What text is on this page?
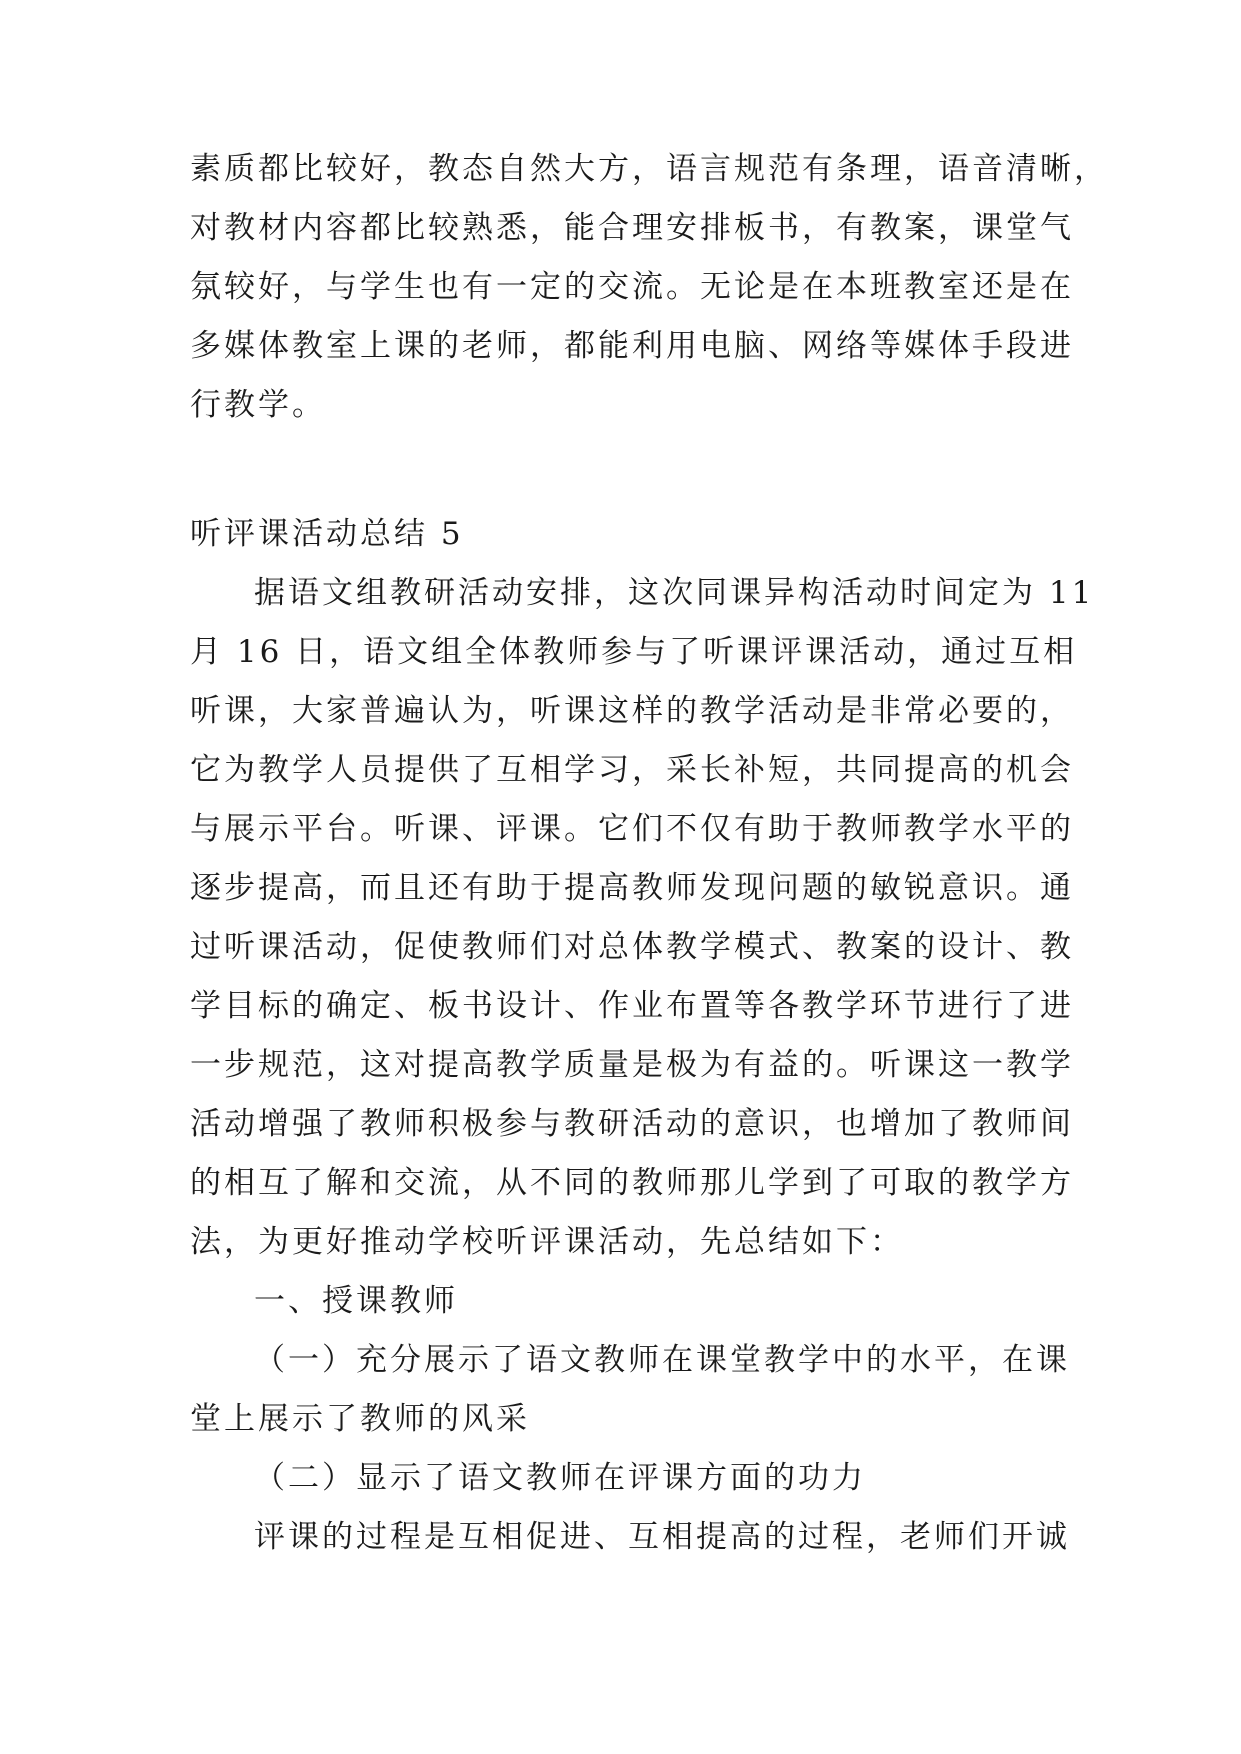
素质都比较好，教态自然大方，语言规范有条理，语音清晰，
对教材内容都比较熟悉，能合理安排板书，有教案，课堂气
氛较好，与学生也有一定的交流。无论是在本班教室还是在
多媒体教室上课的老师，都能利用电脑、网络等媒体手段进
行教学。
听评课活动总结 5
据语文组教研活动安排，这次同课异构活动时间定为 11
月 16 日，语文组全体教师参与了听课评课活动，通过互相
听课，大家普遍认为，听课这样的教学活动是非常必要的，
它为教学人员提供了互相学习，采长补短，共同提高的机会
与展示平台。听课、评课。它们不仅有助于教师教学水平的
逐步提高，而且还有助于提高教师发现问题的敏锐意识。通
过听课活动，促使教师们对总体教学模式、教案的设计、教
学目标的确定、板书设计、作业布置等各教学环节进行了进
一步规范，这对提高教学质量是极为有益的。听课这一教学
活动增强了教师积极参与教研活动的意识，也增加了教师间
的相互了解和交流，从不同的教师那儿学到了可取的教学方
法，为更好推动学校听评课活动，先总结如下：
一、授课教师
（一）充分展示了语文教师在课堂教学中的水平，在课
堂上展示了教师的风采
（二）显示了语文教师在评课方面的功力
评课的过程是互相促进、互相提高的过程，老师们开诚
